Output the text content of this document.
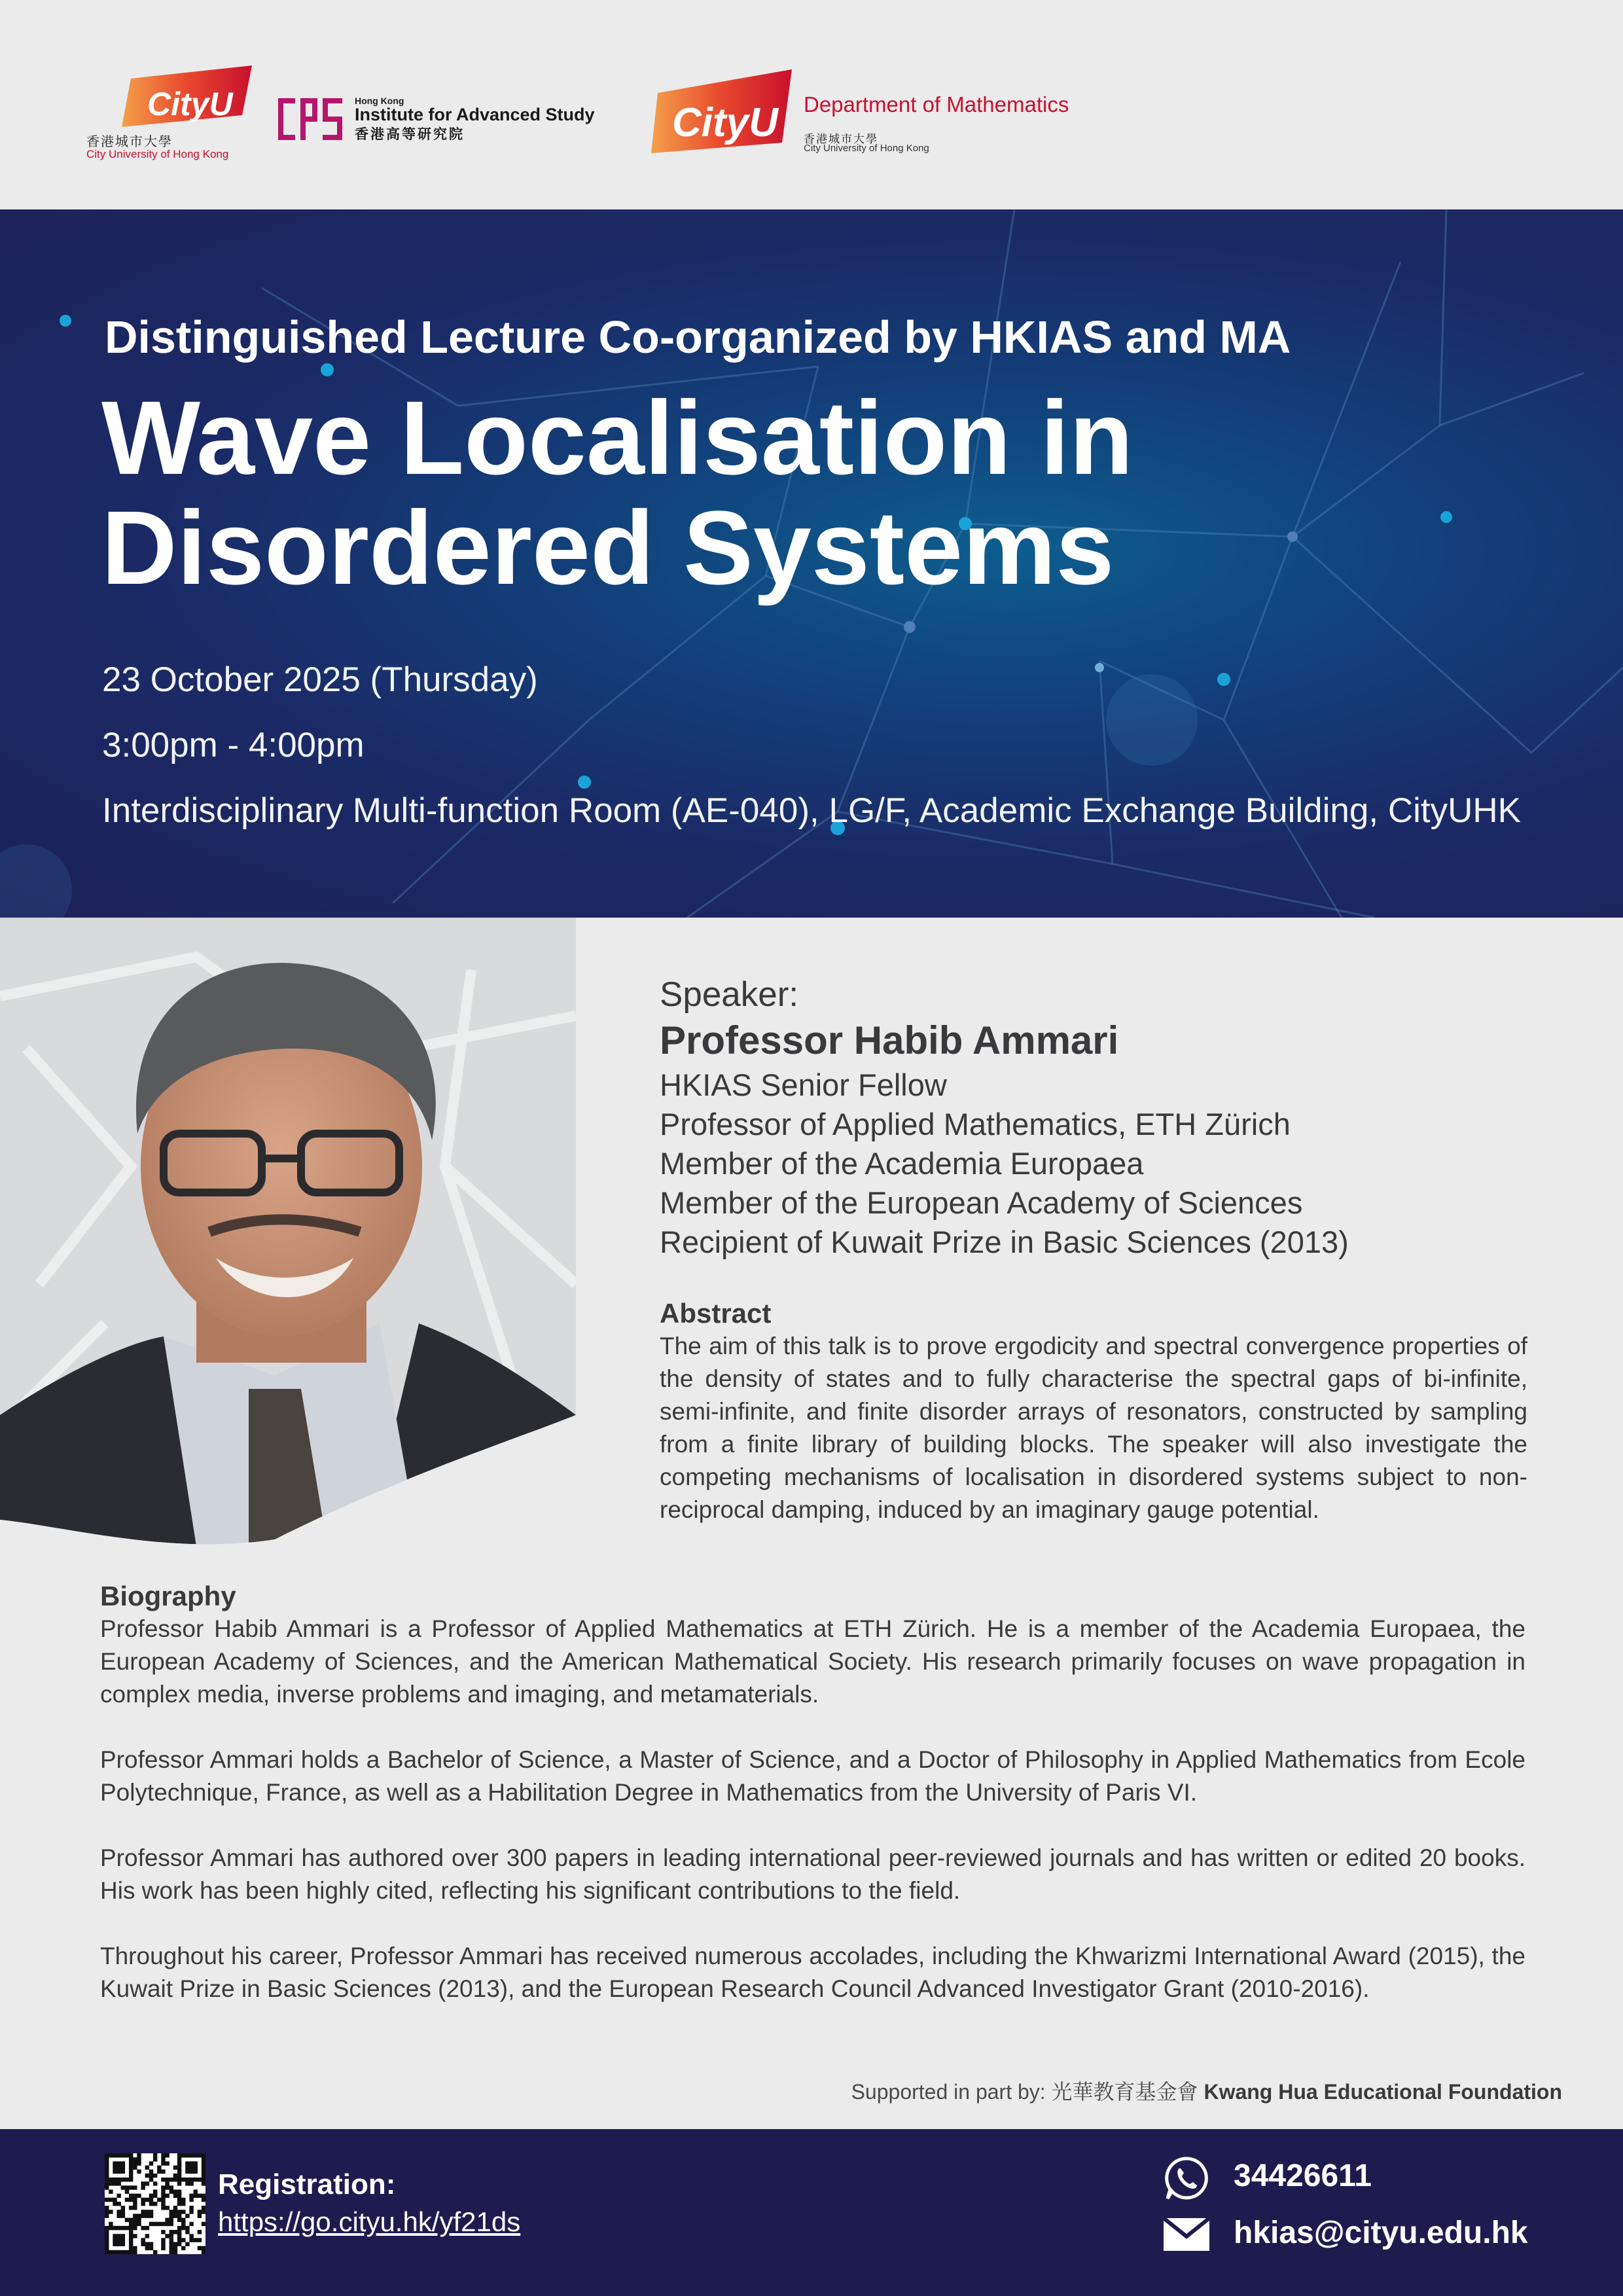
CityU
香港城市大學
City University of Hong Kong
Hong Kong
Institute for Advanced Study
香港高等研究院	CityU Department of Mathematics
香港城市大學
City University of Hong Kong
Distinguished Lecture Co-organized by HKIAS and MA
Wave Localisation in Disordered Systems
23 October 2025 (Thursday)
3:00pm - 4:00pm
Interdisciplinary Multi-function Room (AE-040), LG/F, Academic Exchange Building, CityUHK
Speaker:
Professor Habib Ammari
HKIAS Senior Fellow
Professor of Applied Mathematics, ETH Zürich
Member of the Academia Europaea
Member of the European Academy of Sciences
Recipient of Kuwait Prize in Basic Sciences (2013)
Abstract

The aim of this talk is to prove ergodicity and spectral convergence properties of the density of states and to fully characterise the spectral gaps of bi-infinite, semi-infinite, and finite disorder arrays of resonators, constructed by sampling from a finite library of building blocks. The speaker will also investigate the competing mechanisms of localisation in disordered systems subject to non-reciprocal damping, induced by an imaginary gauge potential.

Biography

Professor Habib Ammari is a Professor of Applied Mathematics at ETH Zürich. He is a member of the Academia Europaea, the European Academy of Sciences, and the American Mathematical Society. His research primarily focuses on wave propagation in complex media, inverse problems and imaging, and metamaterials.

Professor Ammari holds a Bachelor of Science, a Master of Science, and a Doctor of Philosophy in Applied Mathematics from Ecole Polytechnique, France, as well as a Habilitation Degree in Mathematics from the University of Paris VI.

Professor Ammari has authored over 300 papers in leading international peer-reviewed journals and has written or edited 20 books. His work has been highly cited, reflecting his significant contributions to the field.

Throughout his career, Professor Ammari has received numerous accolades, including the Khwarizmi International Award (2015), the Kuwait Prize in Basic Sciences (2013), and the European Research Council Advanced Investigator Grant (2010-2016).

Supported in part by: 光華教育基金會 Kwang Hua Educational Foundation
Registration:
https://go.cityu.hk/yf21ds
34426611
hkias@cityu.edu.hk
